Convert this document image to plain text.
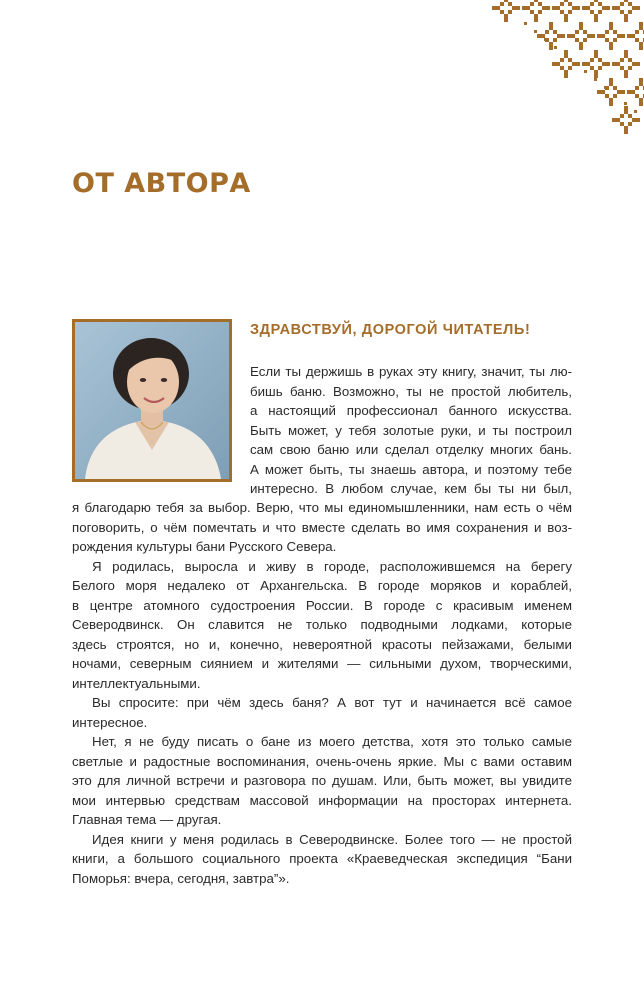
ОТ АВТОРА
ЗДРАВСТВУЙ, ДОРОГОЙ ЧИТАТЕЛЬ!
Если ты держишь в руках эту книгу, значит, ты лю-
бишь баню. Возможно, ты не простой любитель,
а настоящий профессионал банного искусства.
Быть может, у тебя золотые руки, и ты построил
сам свою баню или сделал отделку многих бань.
А может быть, ты знаешь автора, и поэтому тебе
интересно. В любом случае, кем бы ты ни был,
я благодарю тебя за выбор. Верю, что мы единомышленники, нам есть о чём
поговорить, о чём помечтать и что вместе сделать во имя сохранения и воз-
рождения культуры бани Русского Севера.
Я родилась, выросла и живу в городе, расположившемся на берегу
Белого моря недалеко от Архангельска. В городе моряков и кораблей,
в центре атомного судостроения России. В городе с красивым именем
Северодвинск. Он славится не только подводными лодками, которые
здесь строятся, но и, конечно, невероятной красоты пейзажами, белыми
ночами, северным сиянием и жителями — сильными духом, творческими,
интеллектуальными.
Вы спросите: при чём здесь баня? А вот тут и начинается всё самое
интересное.
Нет, я не буду писать о бане из моего детства, хотя это только самые
светлые и радостные воспоминания, очень-очень яркие. Мы с вами оставим
это для личной встречи и разговора по душам. Или, быть может, вы увидите
мои интервью средствам массовой информации на просторах интернета.
Главная тема — другая.
Идея книги у меня родилась в Северодвинске. Более того — не простой
книги, а большого социального проекта «Краеведческая экспедиция “Бани
Поморья: вчера, сегодня, завтра”».
